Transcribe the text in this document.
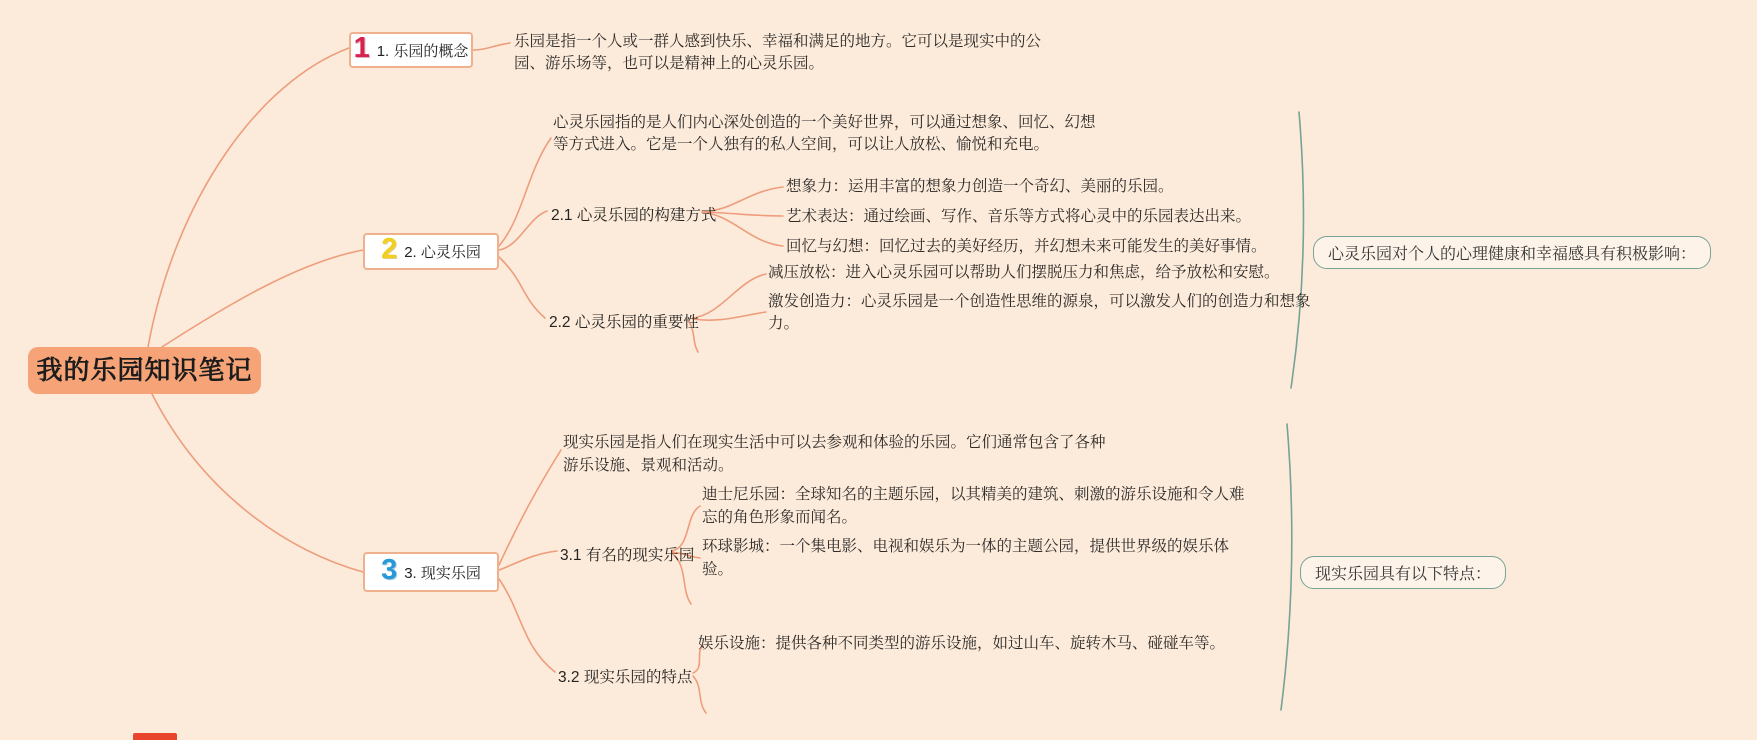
我的乐园知识笔记
1 1. 乐园的概念
乐园是指一个人或一群人感到快乐、幸福和满足的地方。它可以是现实中的公园、游乐场等，也可以是精神上的心灵乐园。
2 2. 心灵乐园
心灵乐园指的是人们内心深处创造的一个美好世界，可以通过想象、回忆、幻想等方式进入。它是一个人独有的私人空间，可以让人放松、愉悦和充电。
2.1 心灵乐园的构建方式
想象力：运用丰富的想象力创造一个奇幻、美丽的乐园。
艺术表达：通过绘画、写作、音乐等方式将心灵中的乐园表达出来。
回忆与幻想：回忆过去的美好经历，并幻想未来可能发生的美好事情。
2.2 心灵乐园的重要性
减压放松：进入心灵乐园可以帮助人们摆脱压力和焦虑，给予放松和安慰。
激发创造力：心灵乐园是一个创造性思维的源泉，可以激发人们的创造力和想象力。
心灵乐园对个人的心理健康和幸福感具有积极影响：
3 3. 现实乐园
现实乐园是指人们在现实生活中可以去参观和体验的乐园。它们通常包含了各种游乐设施、景观和活动。
3.1 有名的现实乐园
迪士尼乐园：全球知名的主题乐园，以其精美的建筑、刺激的游乐设施和令人难忘的角色形象而闻名。
环球影城：一个集电影、电视和娱乐为一体的主题公园，提供世界级的娱乐体验。
3.2 现实乐园的特点
娱乐设施：提供各种不同类型的游乐设施，如过山车、旋转木马、碰碰车等。
现实乐园具有以下特点：
